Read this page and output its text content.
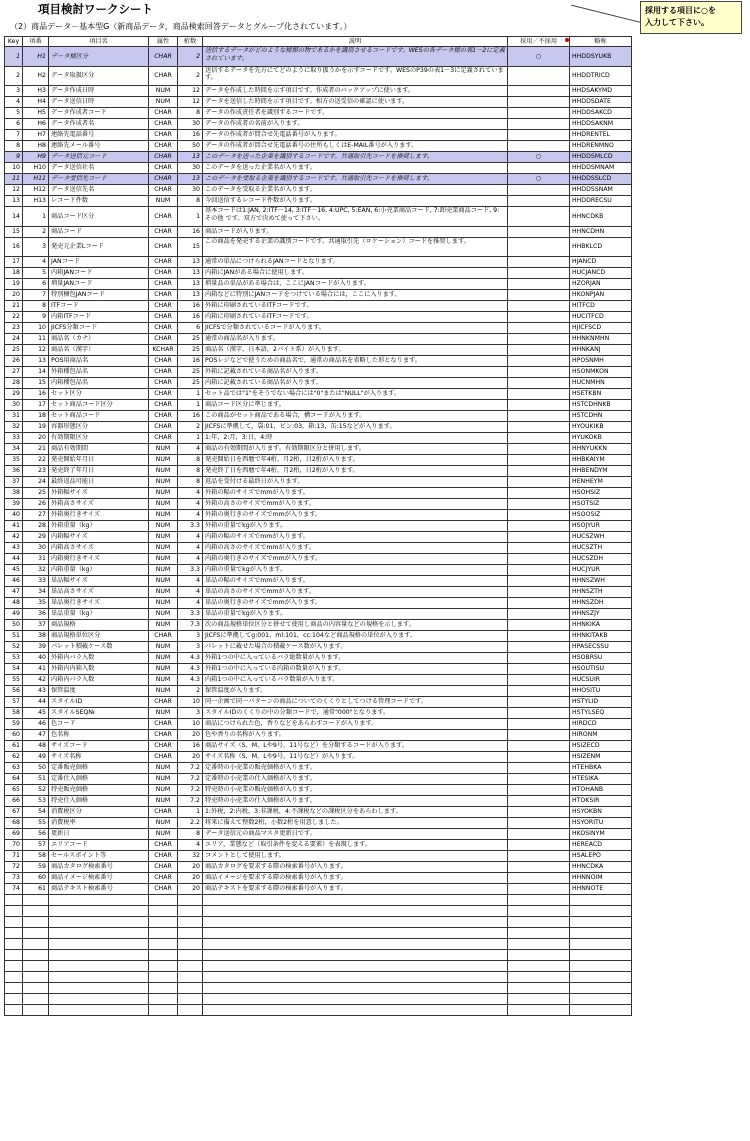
項目検討ワークシート
（2）商品データ－基本型G（新商品データ，商品検索回答データとグループ化されています。）
採用する項目に○を
入力して下さい。
Key	項番	項目名	属性	桁数	説明	採用／不採用	略称
1	H1	データ種区分	CHAR	2	送信するデータがどのような種類の物であるかを識別させるコードです。WESの各データ種の表1－2に定義されています。	○	HHDDSYUKB
2	H2	データ取扱区分	CHAR	2	送信するデータを先方にてどのように取り扱うかを示すコードです。WESのP39の表1－3に定義されています。		HHDDTRICD
3	H3	データ作成日時	NUM	12	データを作成した時間を示す項目です。作成者のバックアップに使います。		HHDSAKYMD
4	H4	データ送信日時	NUM	12	データを送信した時間を示す項目です。相方の送受信の確認に使います。		HHDDSDATE
5	H5	データ作成者コード	CHAR	8	データの作成責任者を識別するコードです。		HHDDSAKCD
6	H6	データ作成者名	CHAR	30	データの作成者の名前が入ります。		HHDDSAKNM
7	H7	連絡先電話番号	CHAR	16	データの作成者が問合せ先電話番号が入ります。		HHDRENTEL
8	H8	連絡先メール番号	CHAR	50	データの作成者が問合せ先電話番号の住所もしくはE-MAIL番号が入ります。		HHDRENMNO
9	H9	データ送信元コード	CHAR	13	このデータを送った企業を識別するコードです。共通取引先コードを推奨します。	○	HHDDSMLCD
10	H10	データ送信社名	CHAR	30	このデータを送った企業名が入ります。		HHDDSMNAM
11	H11	データ受信先コード	CHAR	13	このデータを受取る企業を識別するコードです。共通取引先コードを推奨します。	○	HHDDSSLCD
12	H12	データ送信先名	CHAR	30	このデータを受取る企業名が入ります。		HHDDSSNAM
13	H13	レコード件数	NUM	8	今回送信するレコード件数が入ります。		HHDDRECSU
14	1	商品コード区分	CHAR	1	基本コードは1:JAN, 2:ITF－14, 3:ITF－16, 4:UPC, 5:EAN, 6:小売業商品コード, 7:卸売業商品コード, 9:その他 です。双方で決めて使って下さい。		HHNCDKB
15	2	商品コード	CHAR	16	商品コードが入ります。		HHNCDHN
16	3	発売元企業Lコード	CHAR	15	この商品を発売する企業の識別コードです。共通取引先（ロケーション）コードを推奨します。		HHBKLCD
17	4	JANコード	CHAR	13	通常の単品につけられるJANコードとなります。		HJANCD
18	5	内箱JANコード	CHAR	13	内箱にJANがある場合に使用します。		HUCJANCD
19	6	増量JANコード	CHAR	13	増量品の単品がある場合は，ここにJANコードが入ります。		HZORJAN
20	7	特別梱包JANコード	CHAR	13	内箱などに特別にJANコードをつけている場合には，ここに入ります。		HKONPJAN
21	8	ITFコード	CHAR	16	外箱に印刷されているITFコードです。		HITFCD
22	9	内箱ITFコード	CHAR	16	内箱に印刷されているITFコードです。		HUCITFCD
23	10	JICFS分類コード	CHAR	6	JICFSで分類されているコードが入ります。		HJICFSCD
24	11	商品名（カナ）	CHAR	25	通常の商品名が入ります。		HHNKNMHN
25	12	商品名（漢字）	KCHAR	25	商品名（漢字，日本語，2バイト系）が入ります。		HHNKANJ
26	13	POS用商品名	CHAR	16	POSレジなどで使うための商品名で，通常の商品名を省略した形となります。		HPOSNMH
27	14	外箱種包品名	CHAR	25	外箱に記載されている商品名が入ります。		HSONMKON
28	15	内箱種包品名	CHAR	25	内箱に記載されている商品名が入ります。		HUCNMHN
29	16	セット区分	CHAR	1	セット品では"1"をそうでない場合には"0"または"NULL"が入ります。		HSETKBN
30	17	セット商品コード区分	CHAR	1	商品コード区分に準じます。		HSTCDHNKB
31	18	セット商品コード	CHAR	16	この商品がセット商品である場合，構コードが入ります。		HSTCDHN
32	19	容器形態区分	CHAR	2	JICFSに準拠して，袋:01，ビン:03，箱:13，缶:15などが入ります。		HYOUKIKB
33	20	有効期限区分	CHAR	1	1:年，2:月，3:日，4:時		HYUKOKB
34	21	商品有効期間	NUM	4	商品の有効期間が入ります。有効期限区分と併用します。		HHNYUKKN
35	22	発売開始年月日	NUM	8	発売開始日を西暦で年4桁，月2桁，日2桁が入ります。		HHBKAIYM
36	23	発売終了年月日	NUM	8	発売終了日を西暦で年4桁，月2桁，日2桁が入ります。		HHBENDYM
37	24	最終返品可能日	NUM	8	返品を受付ける最終日が入ります。		HENHEYM
38	25	外箱幅サイズ	NUM	4	外箱の幅のサイズでmmが入ります。		HSOHSIZ
39	26	外箱高さサイズ	NUM	4	外箱の高さのサイズでmmが入ります。		HSOTSIZ
40	27	外箱奥行きサイズ	NUM	4	外箱の奥行きのサイズでmmが入ります。		HSOOSIZ
41	28	外箱重量（kg）	NUM	3.3	外箱の重量でkgが入ります。		HSOJYUR
42	29	内箱幅サイズ	NUM	4	内箱の幅のサイズでmmが入ります。		HUCSZWH
43	30	内箱高さサイズ	NUM	4	内箱の高さのサイズでmmが入ります。		HUCSZTH
44	31	内箱奥行きサイズ	NUM	4	内箱の奥行きのサイズでmmが入ります。		HUCSZDH
45	32	内箱重量（kg）	NUM	3.3	内箱の重量でkgが入ります。		HUCJYUR
46	33	単品幅サイズ	NUM	4	単品の幅のサイズでmmが入ります。		HHNSZWH
47	34	単品高さサイズ	NUM	4	単品の高さのサイズでmmが入ります。		HHNSZTH
48	35	単品奥行きサイズ	NUM	4	単品の奥行きのサイズでmmが入ります。		HHNSZDH
49	36	単品重量（kg）	NUM	3.3	単品の重量でkgが入ります。		HHNSZJY
50	37	商品規格	NUM	7.3	次の商品規格単位区分と併せて使用し商品の内容量などの規格を示します。		HHNKIKA
51	38	商品規格単位区分	CHAR	3	JICFSに準拠してg:001，ml:101，cc:104など商品規格の単位が入ります。		HHNKITAKB
52	39	パレット積載ケース数	NUM	3	パレットに載せた場合の積載ケース数が入ります。		HPASECSSU
53	40	外箱内バラ入数	NUM	4.3	外箱1つの中に入っているバラ総数量が入ります。		HSOBRSU
54	41	外箱内内箱入数	NUM	4.3	外箱1つの中に入っている内箱の数量が入ります。		HSOUTISU
55	42	内箱内バラ入数	NUM	4.3	内箱1つの中に入っているバラ数量が入ります。		HUCSUIR
56	43	保管温度	NUM	2	保管温度が入ります。		HHOSITU
57	44	スタイルID	CHAR	10	同一企画で同一パターンの商品についてのくくりとしてつける管理コードです。		HSTYLID
58	45	スタイルSEQ№	NUM	3	スタイルIDのくくりの中の分類コードで，通常"000"となります。		HSTYLSEQ
59	46	色コード	CHAR	10	商品につけられた色，香りなどをあらわすコードが入ります。		HIRDCD
60	47	色名称	CHAR	20	色や香りの名称が入ります。		HIRONM
61	48	サイズコード	CHAR	16	商品サイズ（S，M，Lや9号，11号など）を分類するコードが入ります。		HSIZECD
62	49	サイズ名称	CHAR	20	サイズ名称（S，M，Lや9号，11号など）が入ります。		HSIZENM
63	50	定番販売価格	NUM	7.2	定番時の小売業の販売価格が入ります。		HTEHBKA
64	51	定番仕入価格	NUM	7.2	定番時の小売業の仕入価格が入ります。		HTESIKA
65	52	特売販売価格	NUM	7.2	特売時の小売業の販売価格が入ります。		HTOHANB
66	53	特売仕入価格	NUM	7.2	特売時の小売業の仕入価格が入ります。		HTOKSIR
67	54	消費税区分	CHAR	1	1:外税，2:内税，3:非課税，4:不課税などの課税区分をあらわします。		HSYOKBN
68	55	消費税率	NUM	2.2	将来に備えて整数2桁，小数2桁を用意しました。		HSYORITU
69	56	更新日	NUM	8	データ送信元の商品マスタ更新日です。		HKOSINYM
70	57	エリアコード	CHAR	4	エリア，業態など（取引条件を変える要素）を表現します。		HEREACD
71	58	セールスポイント等	CHAR	32	コメントとして使用します。		HSALEPO
72	59	商品カタログ検索番号	CHAR	20	商品カタログを要求する際の検索番号が入ります。		HHNCDKA
73	60	商品イメージ検索番号	CHAR	20	商品イメージを要求する際の検索番号が入ります。		HHNNOIM
74	61	商品テキスト検索番号	CHAR	20	商品テキストを要求する際の検索番号が入ります。		HHNNOTE
